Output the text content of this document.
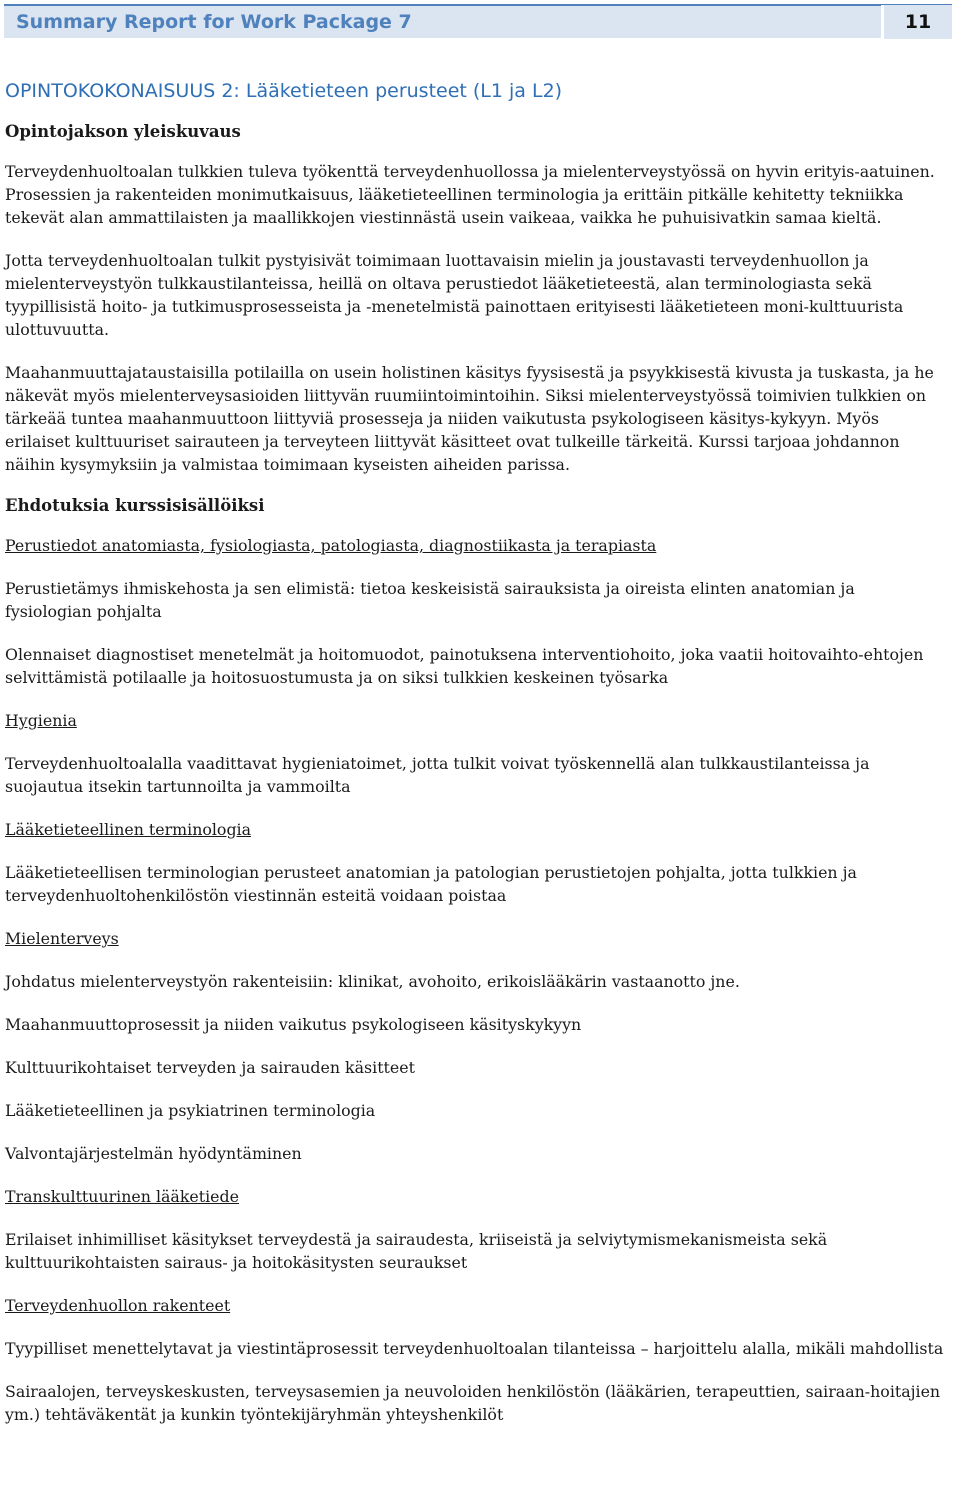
Summary Report for Work Package 7	11
OPINTOKOKONAISUUS 2: Lääketieteen perusteet (L1 ja L2)
Opintojakson yleiskuvaus

Terveydenhuoltoalan tulkkien tuleva työkenttä terveydenhuollossa ja mielenterveystyössä on hyvin erityis-aatuinen. Prosessien ja rakenteiden monimutkaisuus, lääketieteellinen terminologia ja erittäin pitkälle kehitetty tekniikka tekevät alan ammattilaisten ja maallikkojen viestinnästä usein vaikeaa, vaikka he puhuisivatkin samaa kieltä.

Jotta terveydenhuoltoalan tulkit pystyisivät toimimaan luottavaisin mielin ja joustavasti terveydenhuollon ja mielenterveystyön tulkkaustilanteissa, heillä on oltava perustiedot lääketieteestä, alan terminologiasta sekä tyypillisistä hoito- ja tutkimusprosesseista ja -menetelmistä painottaen erityisesti lääketieteen moni-kulttuurista ulottuvuutta.

Maahanmuuttajataustaisilla potilailla on usein holistinen käsitys fyysisestä ja psyykkisestä kivusta ja tuskasta, ja he näkevät myös mielenterveysasioiden liittyvän ruumiintoimintoihin. Siksi mielenterveystyössä toimivien tulkkien on tärkeää tuntea maahanmuuttoon liittyviä prosesseja ja niiden vaikutusta psykologiseen käsitys-kykyyn. Myös erilaiset kulttuuriset sairauteen ja terveyteen liittyvät käsitteet ovat tulkeille tärkeitä. Kurssi tarjoaa johdannon näihin kysymyksiin ja valmistaa toimimaan kyseisten aiheiden parissa.

Ehdotuksia kurssisisällöiksi
Perustiedot anatomiasta, fysiologiasta, patologiasta, diagnostiikasta ja terapiasta

Perustietämys ihmiskehosta ja sen elimistä: tietoa keskeisistä sairauksista ja oireista elinten anatomian ja fysiologian pohjalta

Olennaiset diagnostiset menetelmät ja hoitomuodot, painotuksena interventiohoito, joka vaatii hoitovaihto-ehtojen selvittämistä potilaalle ja hoitosuostumusta ja on siksi tulkkien keskeinen työsarka

Hygienia

Terveydenhuoltoalalla vaadittavat hygieniatoimet, jotta tulkit voivat työskennellä alan tulkkaustilanteissa ja suojautua itsekin tartunnoilta ja vammoilta

Lääketieteellinen terminologia

Lääketieteellisen terminologian perusteet anatomian ja patologian perustietojen pohjalta, jotta tulkkien ja terveydenhuoltohenkilöstön viestinnän esteitä voidaan poistaa

Mielenterveys

Johdatus mielenterveystyön rakenteisiin: klinikat, avohoito, erikoislääkärin vastaanotto jne.

Maahanmuuttoprosessit ja niiden vaikutus psykologiseen käsityskykyyn

Kulttuurikohtaiset terveyden ja sairauden käsitteet

Lääketieteellinen ja psykiatrinen terminologia

Valvontajärjestelmän hyödyntäminen

Transkulttuurinen lääketiede

Erilaiset inhimilliset käsitykset terveydestä ja sairaudesta, kriiseistä ja selviytymismekanismeista sekä kulttuurikohtaisten sairaus- ja hoitokäsitysten seuraukset

Terveydenhuollon rakenteet

Tyypilliset menettelytavat ja viestintäprosessit terveydenhuoltoalan tilanteissa – harjoittelu alalla, mikäli mahdollista

Sairaalojen, terveyskeskusten, terveysasemien ja neuvoloiden henkilöstön (lääkärien, terapeuttien, sairaan-hoitajien ym.) tehtäväkentät ja kunkin työntekijäryhmän yhteyshenkilöt
